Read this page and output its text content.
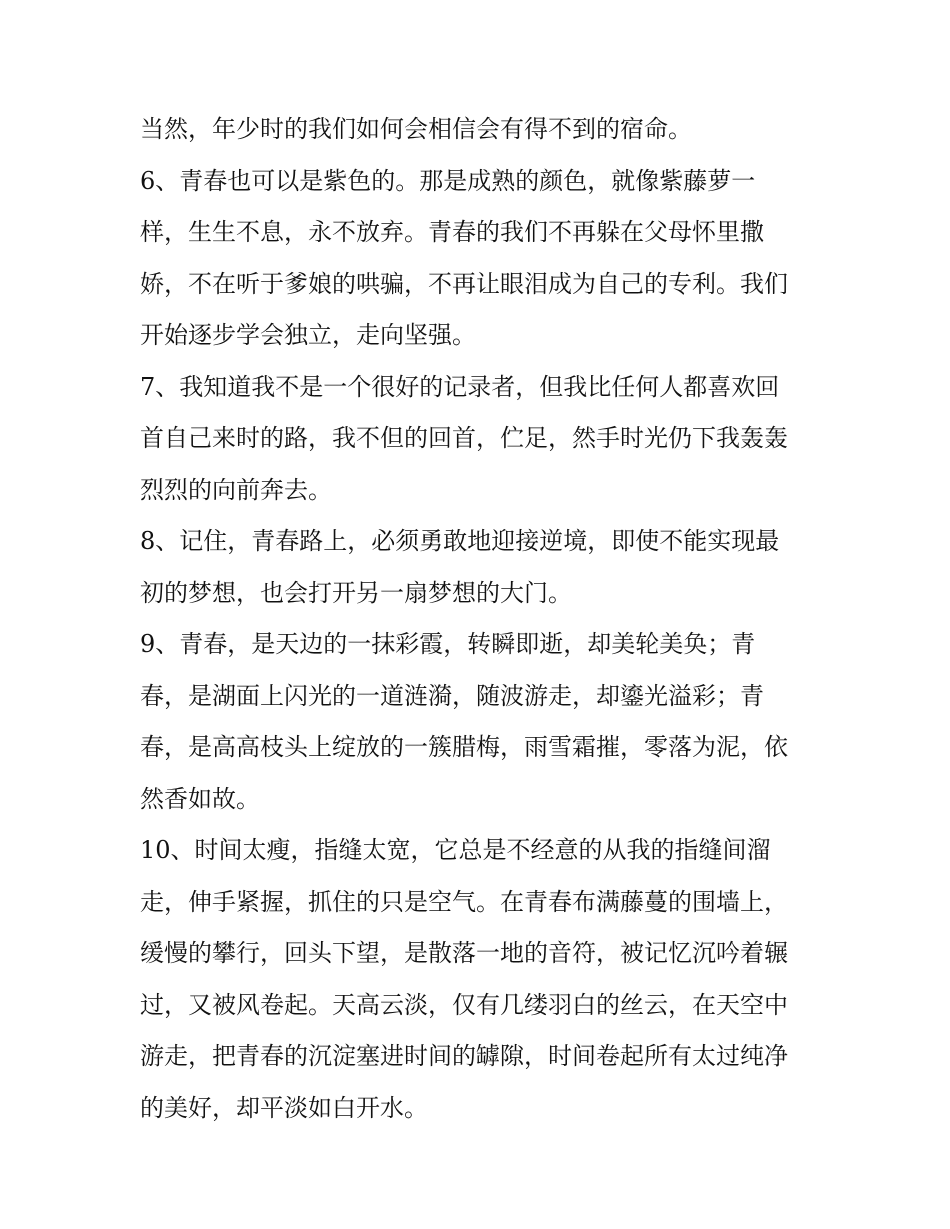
当然，年少时的我们如何会相信会有得不到的宿命。
6、青春也可以是紫色的。那是成熟的颜色，就像紫藤萝一
样，生生不息，永不放弃。青春的我们不再躲在父母怀里撒
娇，不在听于爹娘的哄骗，不再让眼泪成为自己的专利。我们
开始逐步学会独立，走向坚强。
7、我知道我不是一个很好的记录者，但我比任何人都喜欢回
首自己来时的路，我不但的回首，伫足，然手时光仍下我轰轰
烈烈的向前奔去。
8、记住，青春路上，必须勇敢地迎接逆境，即使不能实现最
初的梦想，也会打开另一扇梦想的大门。
9、青春，是天边的一抹彩霞，转瞬即逝，却美轮美奂；青
春，是湖面上闪光的一道涟漪，随波游走，却鎏光溢彩；青
春，是高高枝头上绽放的一簇腊梅，雨雪霜摧，零落为泥，依
然香如故。
10、时间太瘦，指缝太宽，它总是不经意的从我的指缝间溜
走，伸手紧握，抓住的只是空气。在青春布满藤蔓的围墙上，
缓慢的攀行，回头下望，是散落一地的音符，被记忆沉吟着辗
过，又被风卷起。天高云淡，仅有几缕羽白的丝云，在天空中
游走，把青春的沉淀塞进时间的罅隙，时间卷起所有太过纯净
的美好，却平淡如白开水。
